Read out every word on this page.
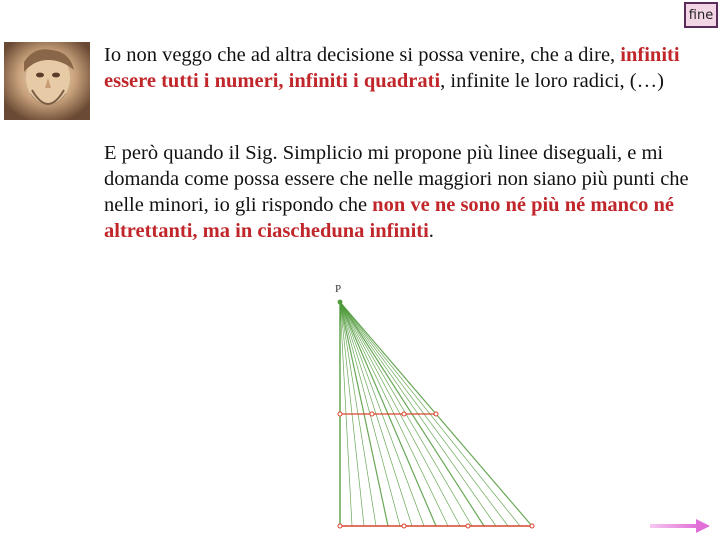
fine
Io non veggo che ad altra decisione si possa venire, che a dire, infiniti essere tutti i numeri, infiniti i quadrati, infinite le loro radici, (…)
E però quando il Sig. Simplicio mi propone più linee diseguali, e mi domanda come possa essere che nelle maggiori non siano più punti che nelle minori, io gli rispondo che non ve ne sono né più né manco né altrettanti, ma in ciascheduna infiniti.
P
